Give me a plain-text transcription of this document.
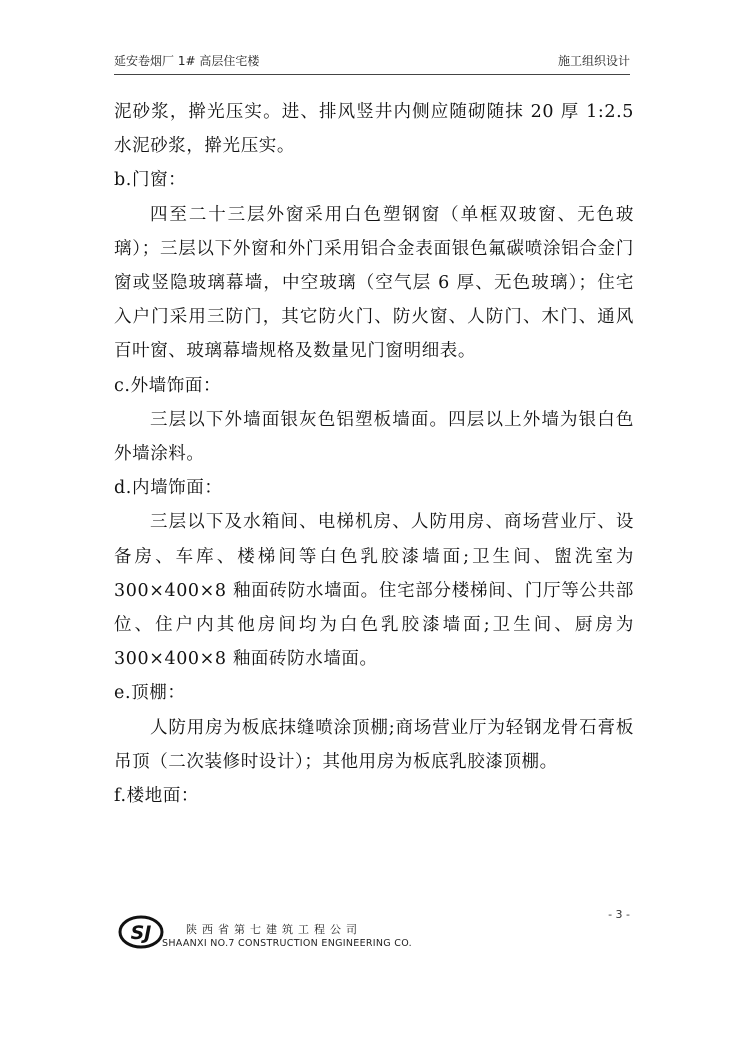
延安卷烟厂 1# 高层住宅楼	施工组织设计

泥砂浆，擀光压实。进、排风竖井内侧应随砌随抹 20 厚 1:2.5 水泥砂浆，擀光压实。

b.门窗：

四至二十三层外窗采用白色塑钢窗（单框双玻窗、无色玻璃）；三层以下外窗和外门采用铝合金表面银色氟碳喷涂铝合金门窗或竖隐玻璃幕墙，中空玻璃（空气层 6 厚、无色玻璃）；住宅入户门采用三防门，其它防火门、防火窗、人防门、木门、通风百叶窗、玻璃幕墙规格及数量见门窗明细表。

c.外墙饰面：

三层以下外墙面银灰色铝塑板墙面。四层以上外墙为银白色外墙涂料。

d.内墙饰面：

三层以下及水箱间、电梯机房、人防用房、商场营业厅、设备房、车库、楼梯间等白色乳胶漆墙面;卫生间、盥洗室为 300×400×8 釉面砖防水墙面。住宅部分楼梯间、门厅等公共部位、住户内其他房间均为白色乳胶漆墙面;卫生间、厨房为 300×400×8 釉面砖防水墙面。

e.顶棚：

人防用房为板底抹缝喷涂顶棚;商场营业厅为轻钢龙骨石膏板吊顶（二次装修时设计）；其他用房为板底乳胶漆顶棚。

f.楼地面：

- 3 -
SJ	陕西省第七建筑工程公司
SHAANXI NO.7 CONSTRUCTION ENGINEERING CO.
